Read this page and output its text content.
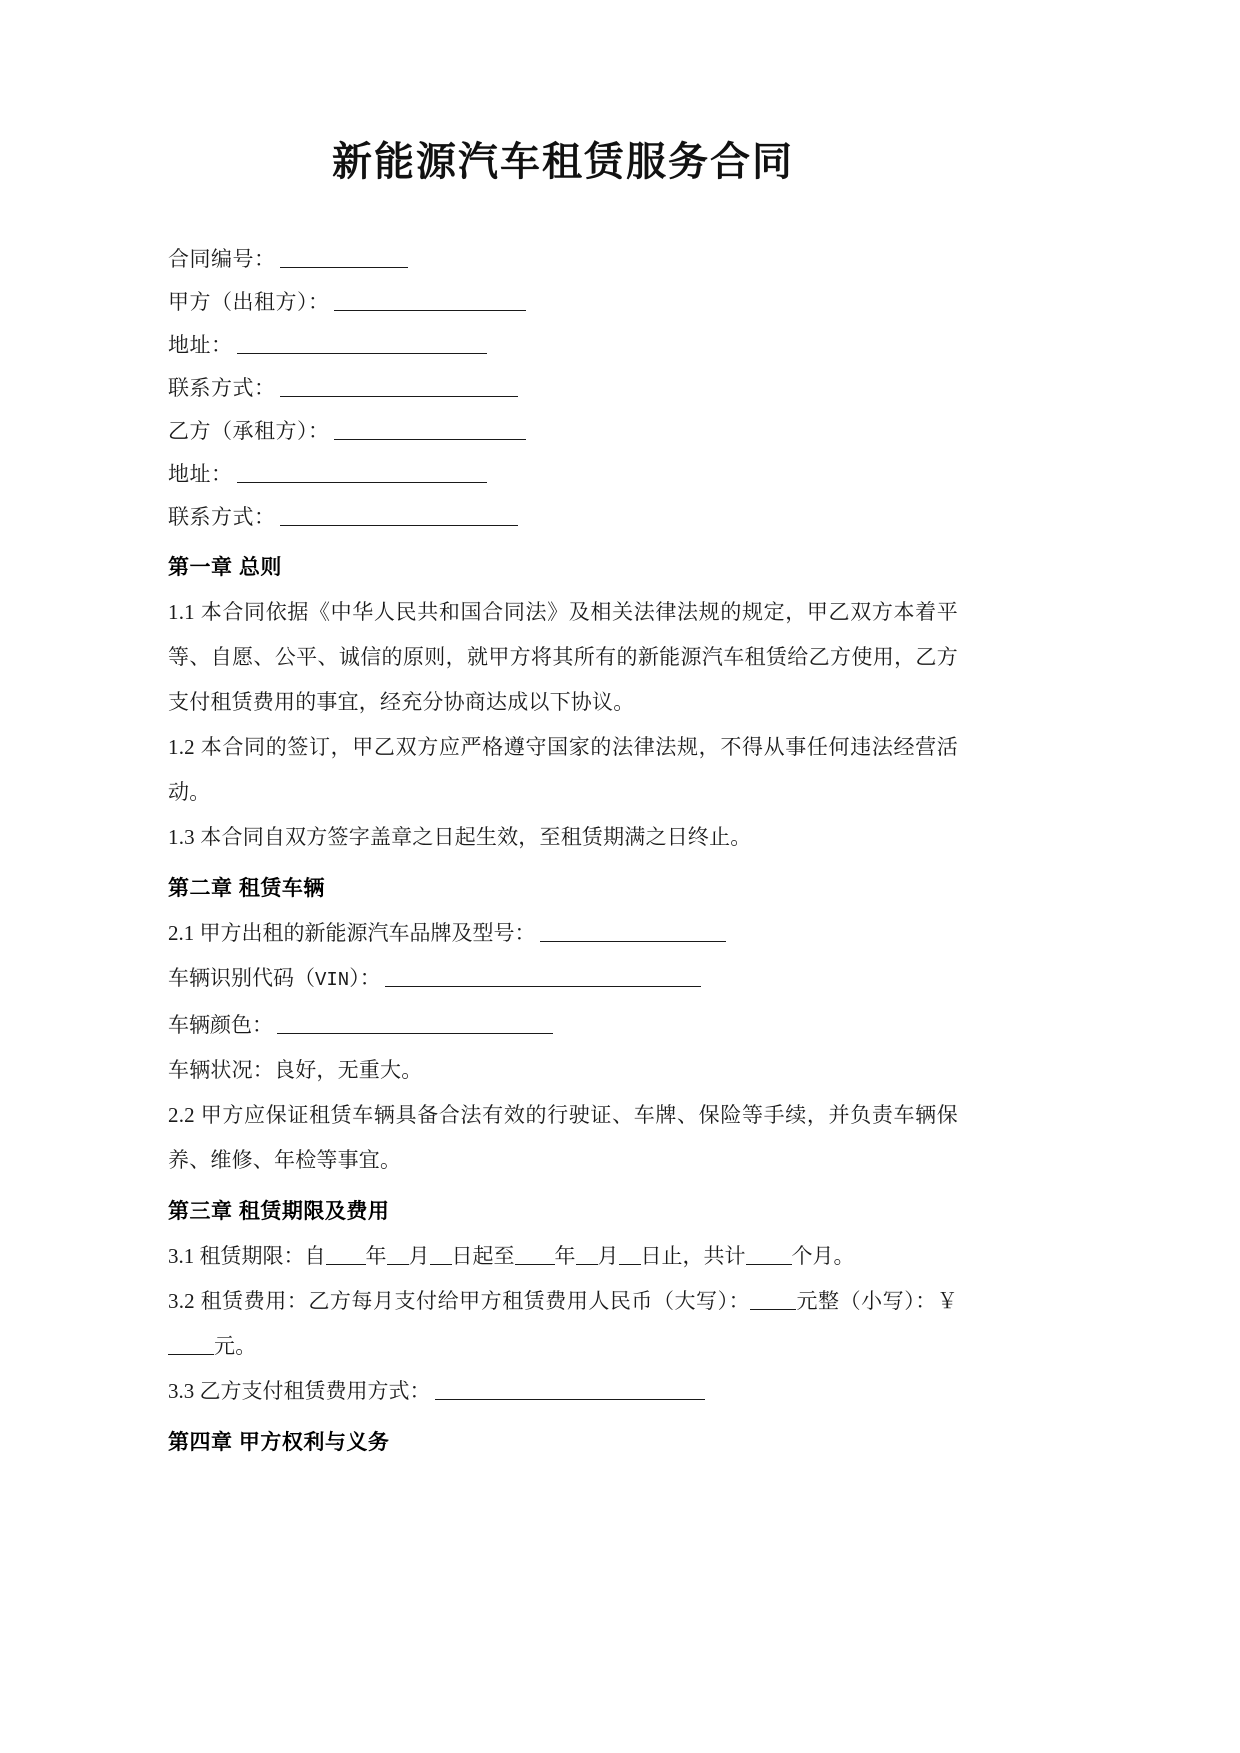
新能源汽车租赁服务合同
合同编号：
甲方（出租方）：
地址：
联系方式：
乙方（承租方）：
地址：
联系方式：
第一章 总则

1.1 本合同依据《中华人民共和国合同法》及相关法律法规的规定，甲乙双方本着平等、自愿、公平、诚信的原则，就甲方将其所有的新能源汽车租赁给乙方使用，乙方支付租赁费用的事宜，经充分协商达成以下协议。

1.2 本合同的签订，甲乙双方应严格遵守国家的法律法规，不得从事任何违法经营活动。

1.3 本合同自双方签字盖章之日起生效，至租赁期满之日终止。

第二章 租赁车辆
2.1 甲方出租的新能源汽车品牌及型号：
车辆识别代码（VIN）：
车辆颜色：

车辆状况：良好，无重大。

2.2 甲方应保证租赁车辆具备合法有效的行驶证、车牌、保险等手续，并负责车辆保养、维修、年检等事宜。

第三章 租赁期限及费用
3.1 租赁期限：自 年 月 日起至 年 月 日止，共计 个月。
3.2 租赁费用：乙方每月支付给甲方租赁费用人民币（大写）： 元整（小写）：￥元。
3.3 乙方支付租赁费用方式：
第四章 甲方权利与义务
